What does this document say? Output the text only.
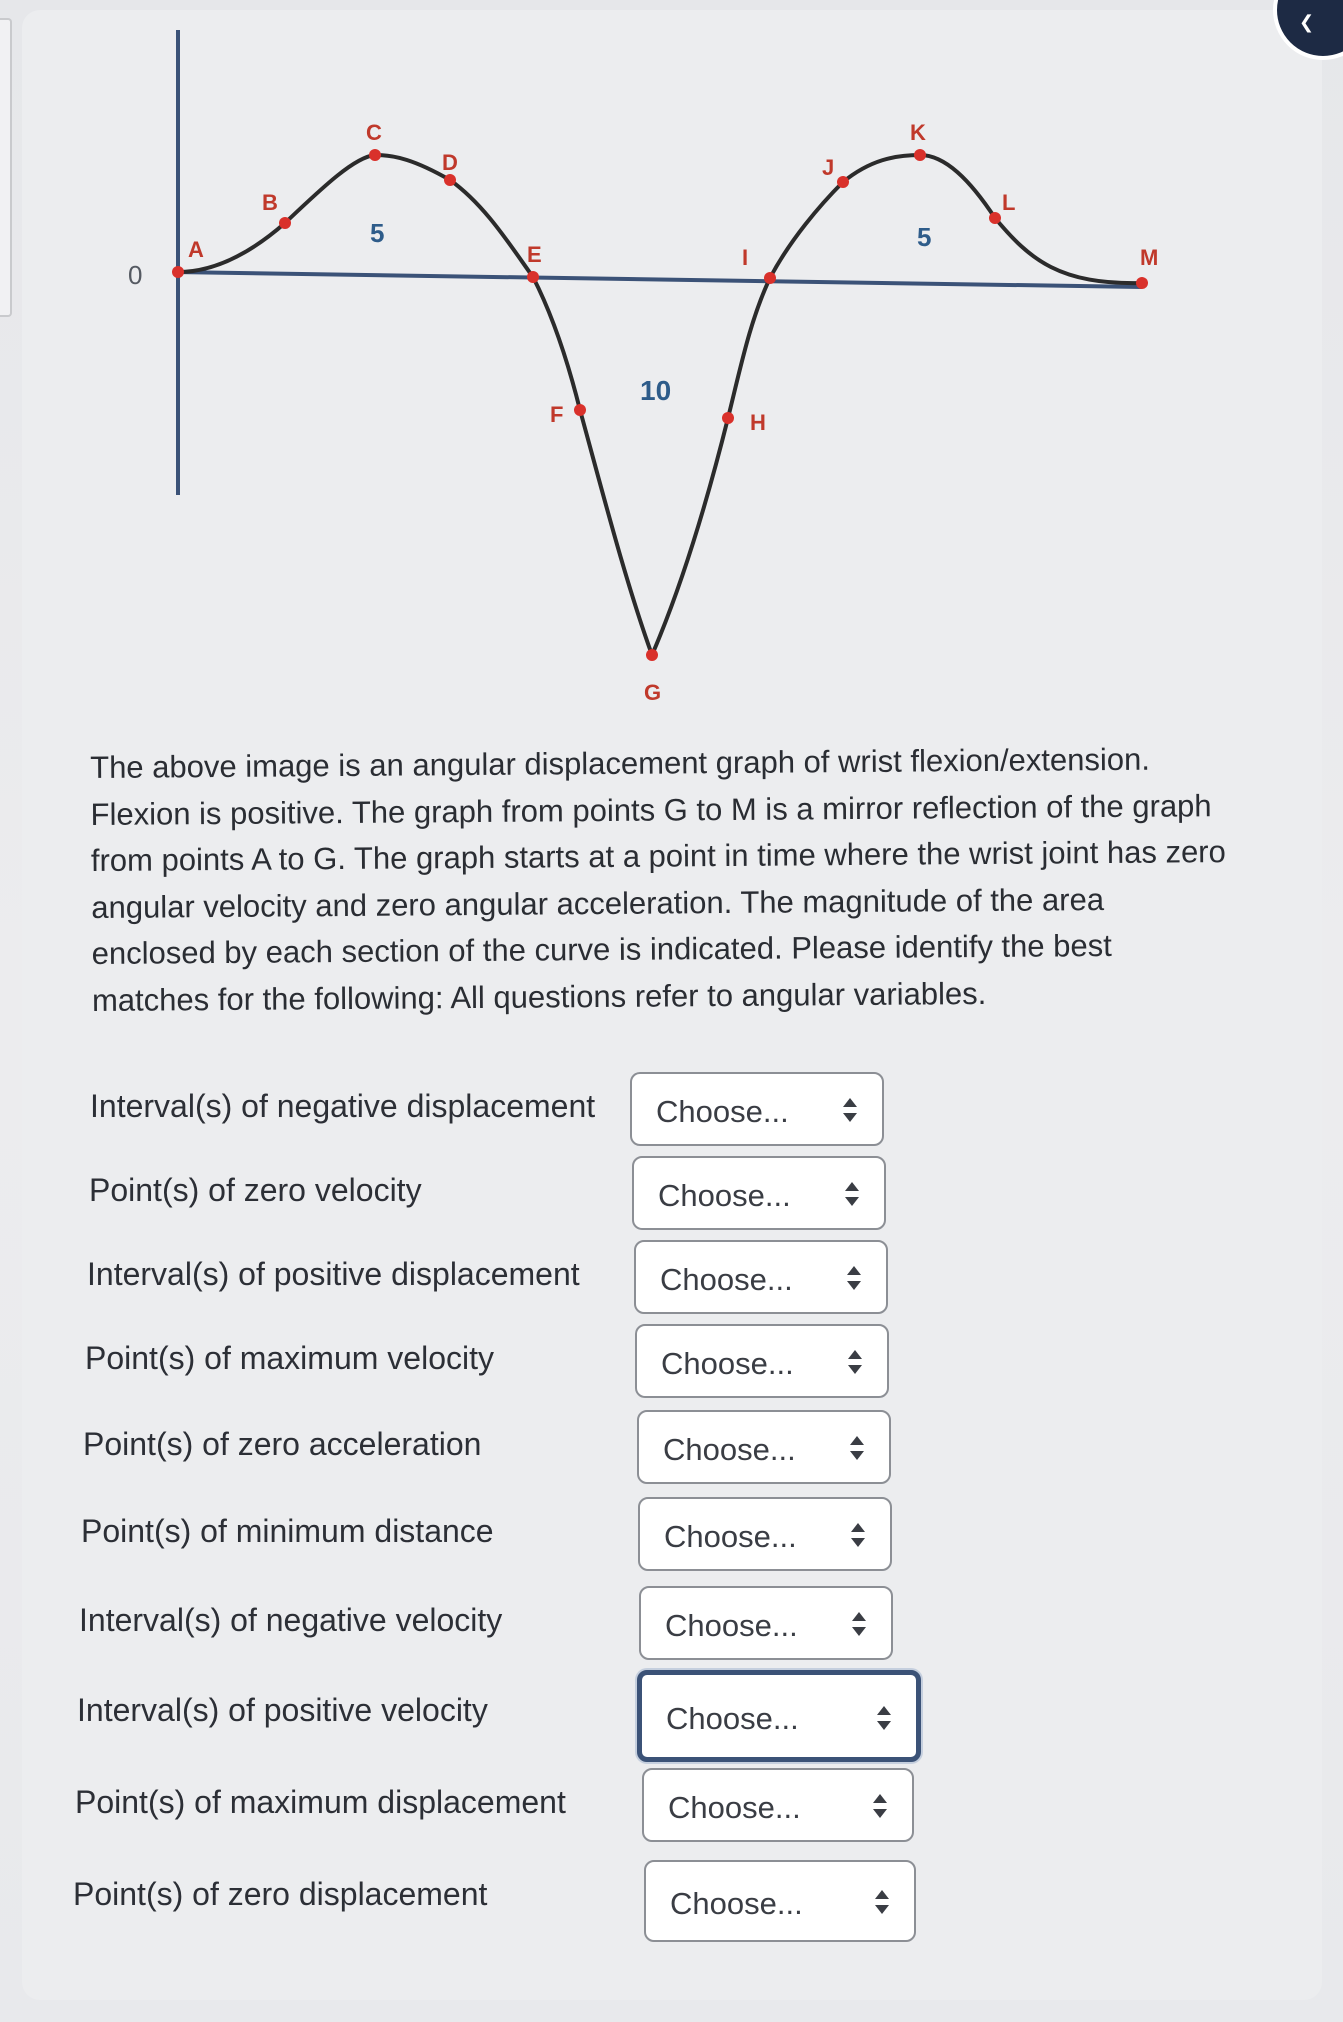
❮
A
B
C
D
E
F
G
H
I
J
K
L
M
0
5
10
5
The above image is an angular displacement graph of wrist flexion/extension. Flexion is positive. The graph from points G to M is a mirror reflection of the graph from points A to G. The graph starts at a point in time where the wrist joint has zero angular velocity and zero angular acceleration. The magnitude of the area enclosed by each section of the curve is indicated. Please identify the best matches for the following: All questions refer to angular variables.
Interval(s) of negative displacement Choose...
Point(s) of zero velocity	Choose...
Interval(s) of positive displacement	Choose...
Point(s) of maximum velocity	Choose...
Point(s) of zero acceleration	Choose...
Point(s) of minimum distance	Choose...
Interval(s) of negative velocity	Choose...
Interval(s) of positive velocity	Choose...
Point(s) of maximum displacement	Choose...
Point(s) of zero displacement	Choose...
